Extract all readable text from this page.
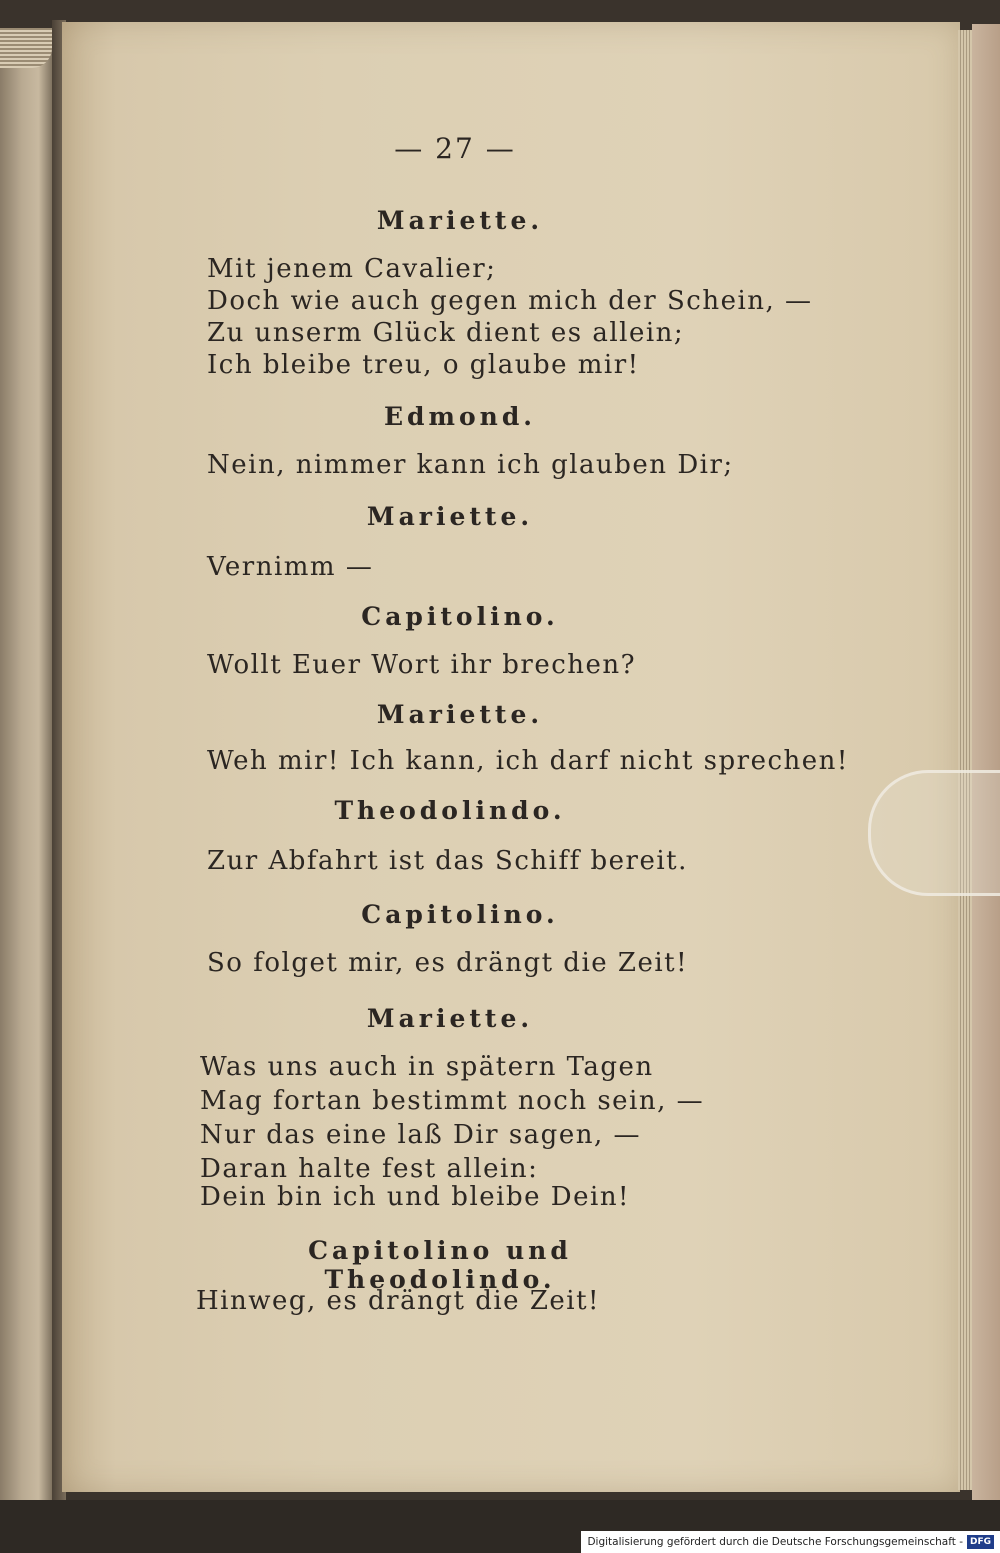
— 27 —
Mariette.
Mit jenem Cavalier;
Doch wie auch gegen mich der Schein, —
Zu unserm Glück dient es allein;
Ich bleibe treu, o glaube mir!
Edmond.
Nein, nimmer kann ich glauben Dir;
Mariette.
Vernimm —
Capitolino.
Wollt Euer Wort ihr brechen?
Mariette.
Weh mir! Ich kann, ich darf nicht sprechen!
Theodolindo.
Zur Abfahrt ist das Schiff bereit.
Capitolino.
So folget mir, es drängt die Zeit!
Mariette.
Was uns auch in spätern Tagen
Mag fortan bestimmt noch sein, —
Nur das eine laß Dir sagen, —
Daran halte fest allein:
Dein bin ich und bleibe Dein!
Capitolino und Theodolindo.
Hinweg, es drängt die Zeit!
Digitalisierung gefördert durch die Deutsche Forschungsgemeinschaft - DFG
